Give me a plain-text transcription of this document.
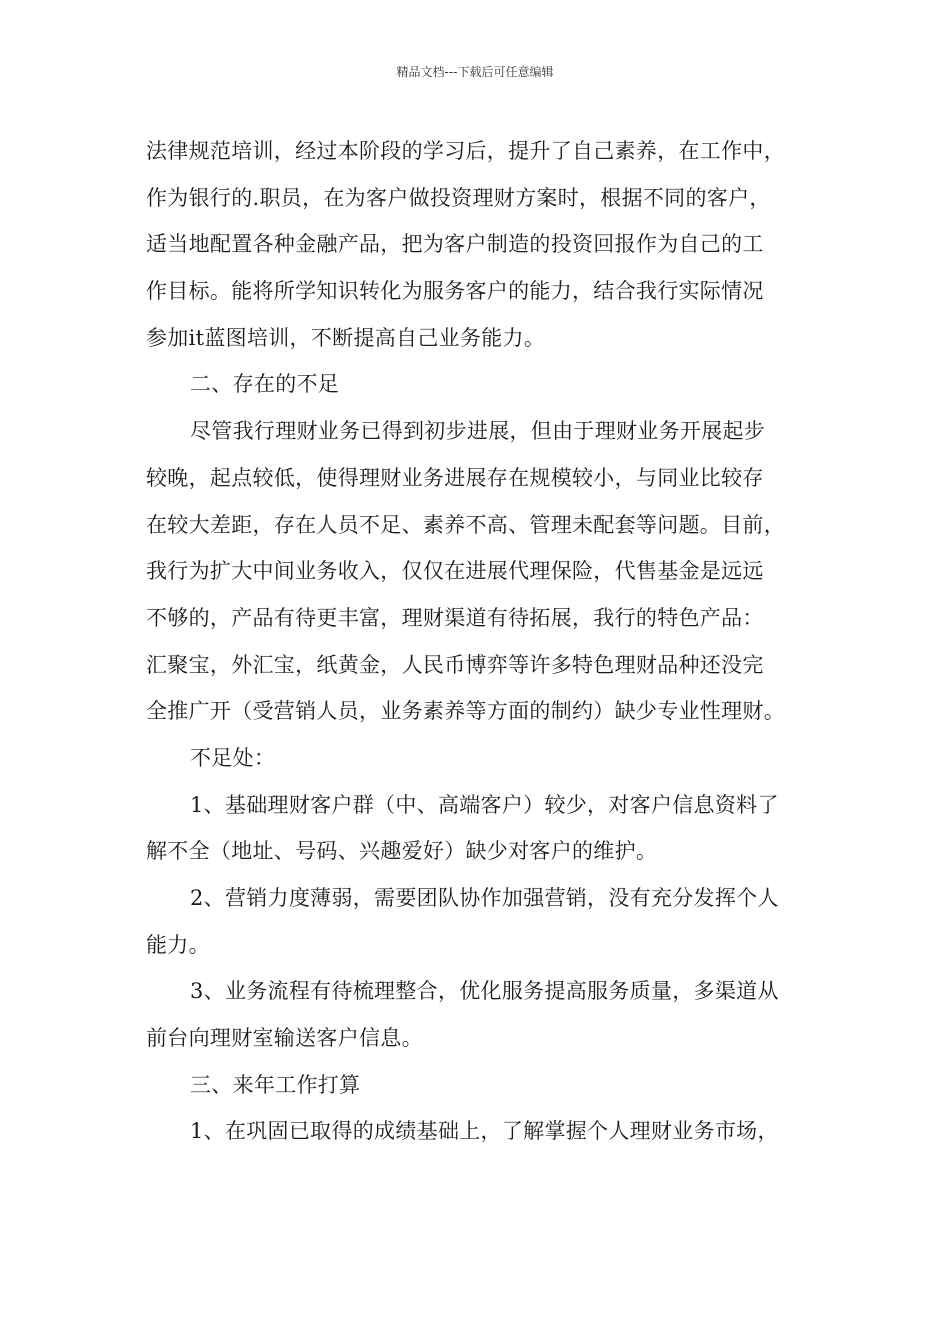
精品文档---下载后可任意编辑
法律规范培训，经过本阶段的学习后，提升了自己素养，在工作中，
作为银行的.职员，在为客户做投资理财方案时，根据不同的客户，
适当地配置各种金融产品，把为客户制造的投资回报作为自己的工
作目标。能将所学知识转化为服务客户的能力，结合我行实际情况
参加it蓝图培训，不断提高自己业务能力。
二、存在的不足
尽管我行理财业务已得到初步进展，但由于理财业务开展起步
较晚，起点较低，使得理财业务进展存在规模较小，与同业比较存
在较大差距，存在人员不足、素养不高、管理未配套等问题。目前，
我行为扩大中间业务收入，仅仅在进展代理保险，代售基金是远远
不够的，产品有待更丰富，理财渠道有待拓展，我行的特色产品：
汇聚宝，外汇宝，纸黄金，人民币博弈等许多特色理财品种还没完
全推广开（受营销人员，业务素养等方面的制约）缺少专业性理财。
不足处：
1、基础理财客户群（中、高端客户）较少，对客户信息资料了
解不全（地址、号码、兴趣爱好）缺少对客户的维护。
2、营销力度薄弱，需要团队协作加强营销，没有充分发挥个人
能力。
3、业务流程有待梳理整合，优化服务提高服务质量，多渠道从
前台向理财室输送客户信息。
三、来年工作打算
1、在巩固已取得的成绩基础上，了解掌握个人理财业务市场，
